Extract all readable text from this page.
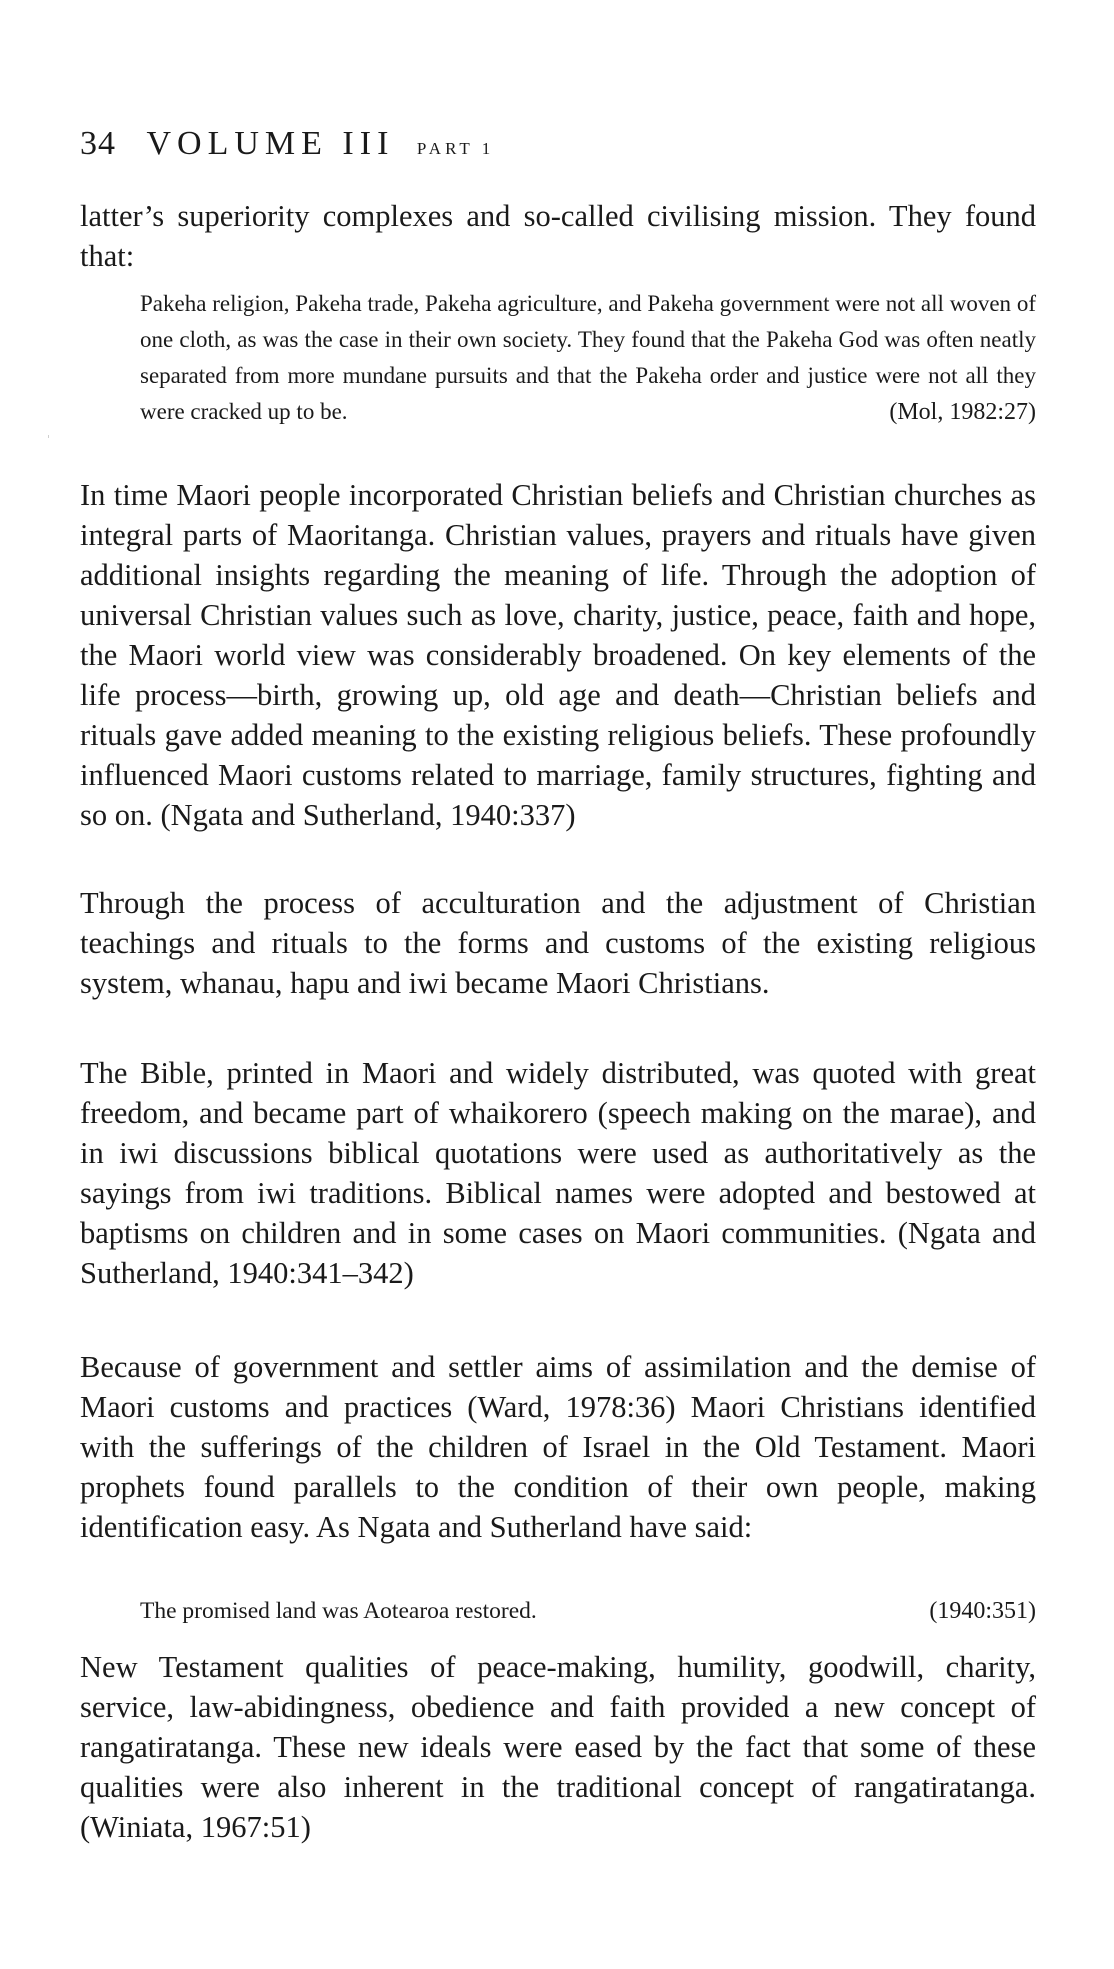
34 VOLUME III PART 1

latter’s superiority complexes and so-called civilising mission. They found that:

Pakeha religion, Pakeha trade, Pakeha agriculture, and Pakeha government were not all woven of one cloth, as was the case in their own society. They found that the Pakeha God was often neatly separated from more mundane pursuits and that the Pakeha order and justice were not all they were cracked up to be.	(Mol, 1982:27)

In time Maori people incorporated Christian beliefs and Christian churches as integral parts of Maoritanga. Christian values, prayers and rituals have given additional insights regarding the meaning of life. Through the adoption of universal Christian values such as love, charity, justice, peace, faith and hope, the Maori world view was considerably broadened. On key elements of the life process—birth, growing up, old age and death—Christian beliefs and rituals gave added meaning to the existing religious beliefs. These profoundly influenced Maori customs related to marriage, family structures, fighting and so on. (Ngata and Sutherland, 1940:337)

Through the process of acculturation and the adjustment of Christian teachings and rituals to the forms and customs of the existing religious system, whanau, hapu and iwi became Maori Christians.

The Bible, printed in Maori and widely distributed, was quoted with great freedom, and became part of whaikorero (speech making on the marae), and in iwi discussions biblical quotations were used as authoritatively as the sayings from iwi traditions. Biblical names were adopted and bestowed at baptisms on children and in some cases on Maori communities. (Ngata and Sutherland, 1940:341–342)

Because of government and settler aims of assimilation and the demise of Maori customs and practices (Ward, 1978:36) Maori Christians identified with the sufferings of the children of Israel in the Old Testament. Maori prophets found parallels to the condition of their own people, making identification easy. As Ngata and Sutherland have said:

The promised land was Aotearoa restored.	(1940:351)

New Testament qualities of peace-making, humility, goodwill, charity, service, law-abidingness, obedience and faith provided a new concept of rangatiratanga. These new ideals were eased by the fact that some of these qualities were also inherent in the traditional concept of rangatiratanga. (Winiata, 1967:51)
